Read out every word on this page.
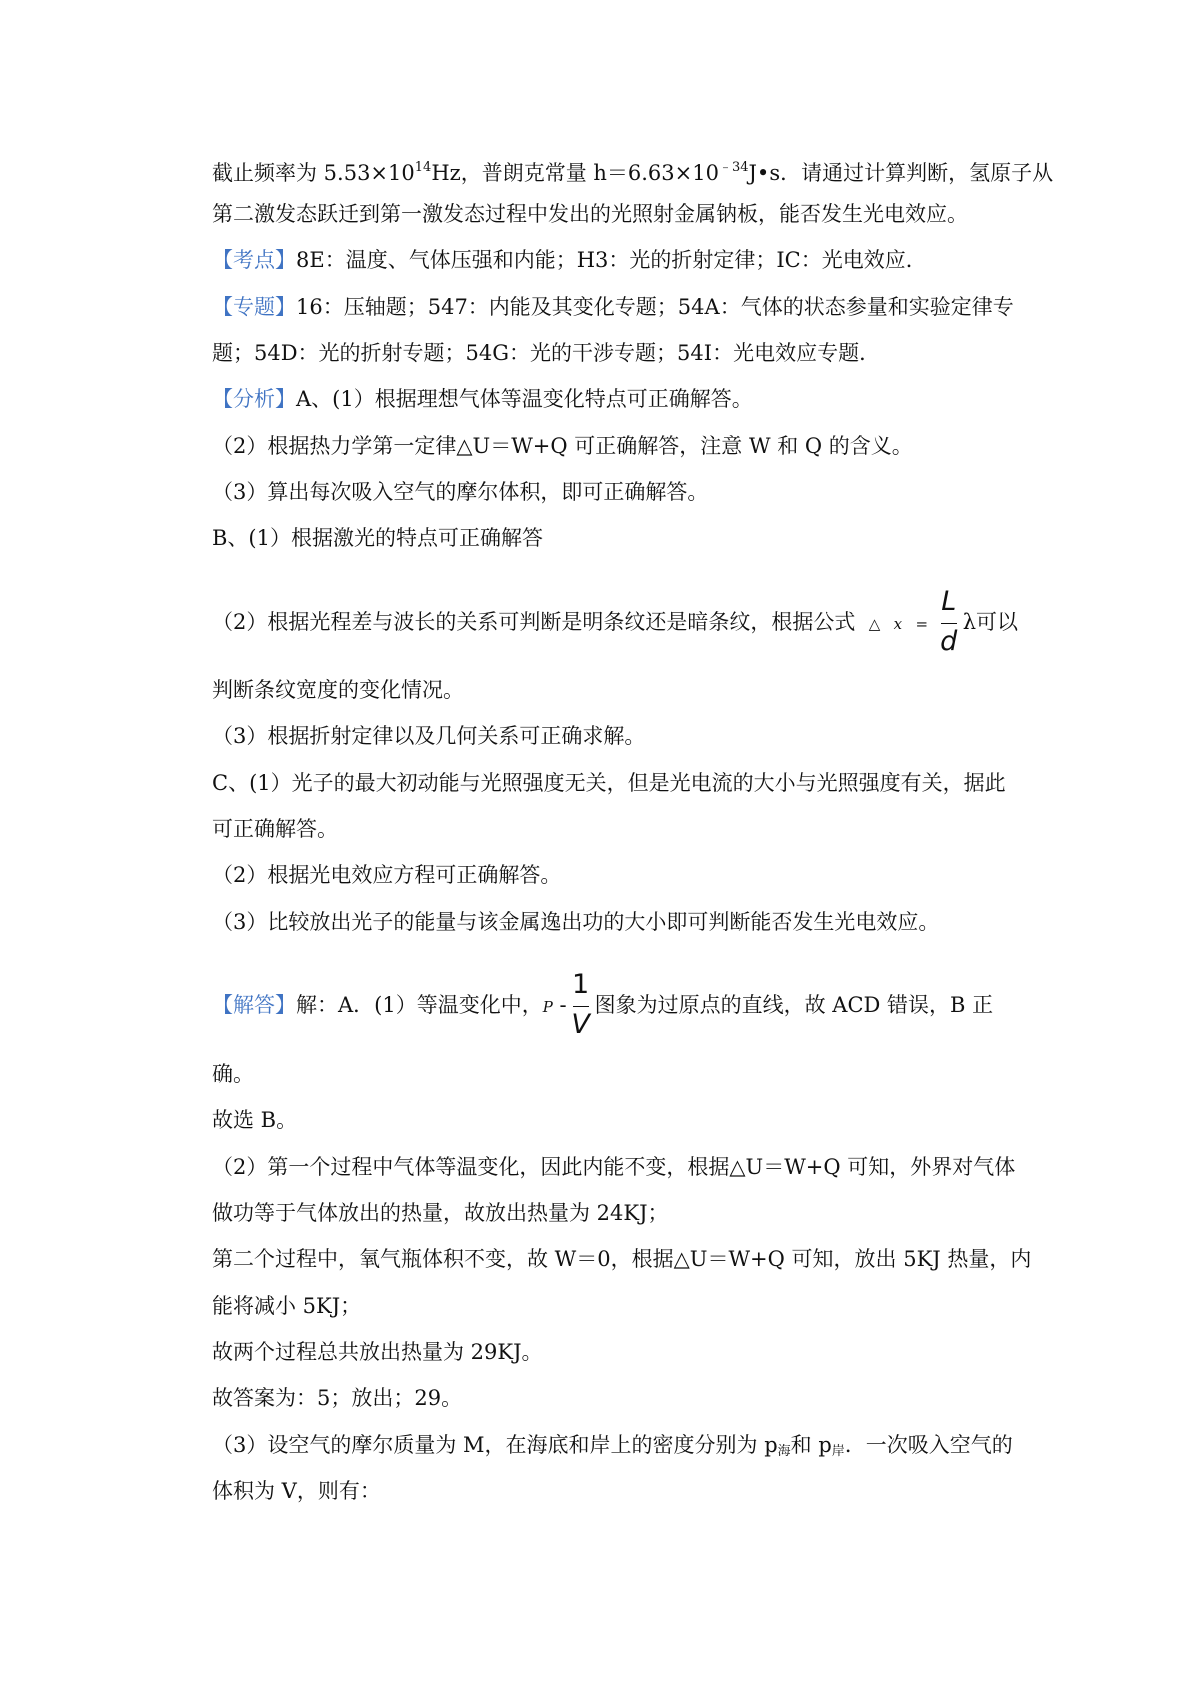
截止频率为 $5.53\times 10^{14}Hz$，普朗克常量 $h=6.63\times 10^{﹣34}J•s$．请通过计算判断，氢原子从
第二激发态跃迁到第一激发态过程中发出的光照射金属钠板，能否发生光电效应。
【考点】8E：温度、气体压强和内能；H3：光的折射定律；IC：光电效应．
【专题】16：压轴题；547：内能及其变化专题；54A：气体的状态参量和实验定律专
题；54D：光的折射专题；54G：光的干涉专题；54I：光电效应专题．
【分析】A、(1）根据理想气体等温变化特点可正确解答。
（2）根据热力学第一定律△U＝W+Q 可正确解答，注意 W 和 Q 的含义。
（3）算出每次吸入空气的摩尔体积，即可正确解答。
B、(1）根据激光的特点可正确解答
（2）根据光程差与波长的关系可判断是明条纹还是暗条纹，根据公式 △ $x = \frac{L}{d}$ λ可以
判断条纹宽度的变化情况。
（3）根据折射定律以及几何关系可正确求解。
C、(1）光子的最大初动能与光照强度无关，但是光电流的大小与光照强度有关，据此
可正确解答。
（2）根据光电效应方程可正确解答。
（3）比较放出光子的能量与该金属逸出功的大小即可判断能否发生光电效应。
【解答】解：A．(1）等温变化中，P - $\frac{1}{V}$ 图象为过原点的直线，故 ACD 错误，B 正
确。
故选 B。
（2）第一个过程中气体等温变化，因此内能不变，根据△U＝W+Q 可知，外界对气体
做功等于气体放出的热量，故放出热量为 24KJ；
第二个过程中，氧气瓶体积不变，故 W＝0，根据△U＝W+Q 可知，放出 5KJ 热量，内
能将减小 5KJ；
故两个过程总共放出热量为 29KJ。
故答案为：5；放出；29。
（3）设空气的摩尔质量为 M，在海底和岸上的密度分别为 $p_海$和 $p_岸$．一次吸入空气的
体积为 V，则有：
